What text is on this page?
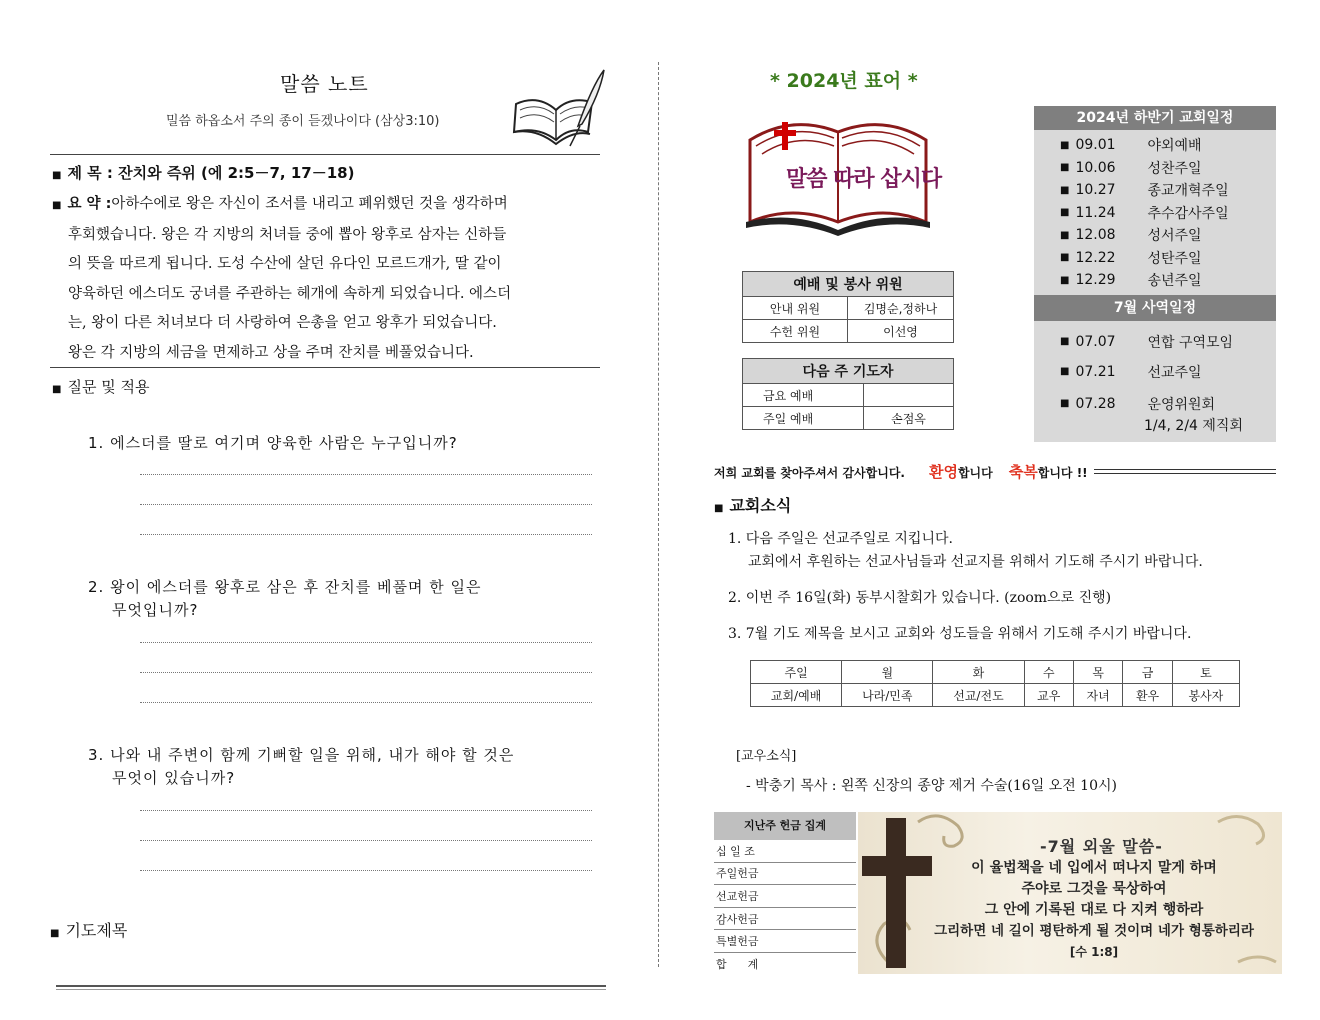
말씀 노트
밀씀 하옵소서 주의 종이 듣겠나이다 (삼상3:10)
■ 제 목 : 잔치와 즉위 (에 2:5－7, 17－18)
■ 요 약 :아하수에로 왕은 자신이 조서를 내리고 폐위했던 것을 생각하며
후회했습니다. 왕은 각 지방의 처녀들 중에 뽑아 왕후로 삼자는 신하들
의 뜻을 따르게 됩니다. 도성 수산에 살던 유다인 모르드개가, 딸 같이
양육하던 에스더도 궁녀를 주관하는 헤개에 속하게 되었습니다. 에스더
는, 왕이 다른 처녀보다 더 사랑하여 은총을 얻고 왕후가 되었습니다.
왕은 각 지방의 세금을 면제하고 상을 주며 잔치를 베풀었습니다.
■ 질문 및 적용
1. 에스더를 딸로 여기며 양육한 사람은 누구입니까?
2. 왕이 에스더를 왕후로 삼은 후 잔치를 베풀며 한 일은
무엇입니까?
3. 나와 내 주변이 함께 기뻐할 일을 위해, 내가 해야 할 것은
무엇이 있습니까?
■ 기도제목
* 2024년 표어 *
말씀 따라 삽시다
2024년 하반기 교회일정
■ 09.01	야외예배
■ 10.06	성찬주일
■ 10.27	종교개혁주일
■ 11.24	추수감사주일
■ 12.08	성서주일
■ 12.22	성탄주일
■ 12.29	송년주일
7월 사역일정
■ 07.07	연합 구역모임
■ 07.21	선교주일
■ 07.28	운영위원회
1/4, 2/4 제직회
예배 및 봉사 위원	
안내 위원	김명순,정하나
수헌 위원	이선영
다음 주 기도자	
금요 예배	
주일 예배	손점옥
저희 교회를 찾아주셔서 감사합니다. 환영 합니다 축복 합니다 !!
■ 교회소식
1. 다음 주일은 선교주일로 지킵니다.
교회에서 후원하는 선교사님들과 선교지를 위해서 기도해 주시기 바랍니다.
2. 이번 주 16일(화) 동부시찰회가 있습니다. (zoom으로 진행)
3. 7월 기도 제목을 보시고 교회와 성도들을 위해서 기도해 주시기 바랍니다.
주일	월	화	수	목	금	토
교회/예배	나라/민족	선교/전도	교우	자녀	환우	봉사자
[교우소식]
- 박충기 목사 : 왼쪽 신장의 종양 제거 수술(16일 오전 10시)
지난주 헌금 집계
십 일 조
주일헌금
선교헌금
감사헌금
특별헌금
합      계
-7월 외울 말씀-
이 율법책을 네 입에서 떠나지 말게 하며
주야로 그것을 묵상하여
그 안에 기록된 대로 다 지켜 행하라
그리하면 네 길이 평탄하게 될 것이며 네가 형통하리라
[수 1:8]
